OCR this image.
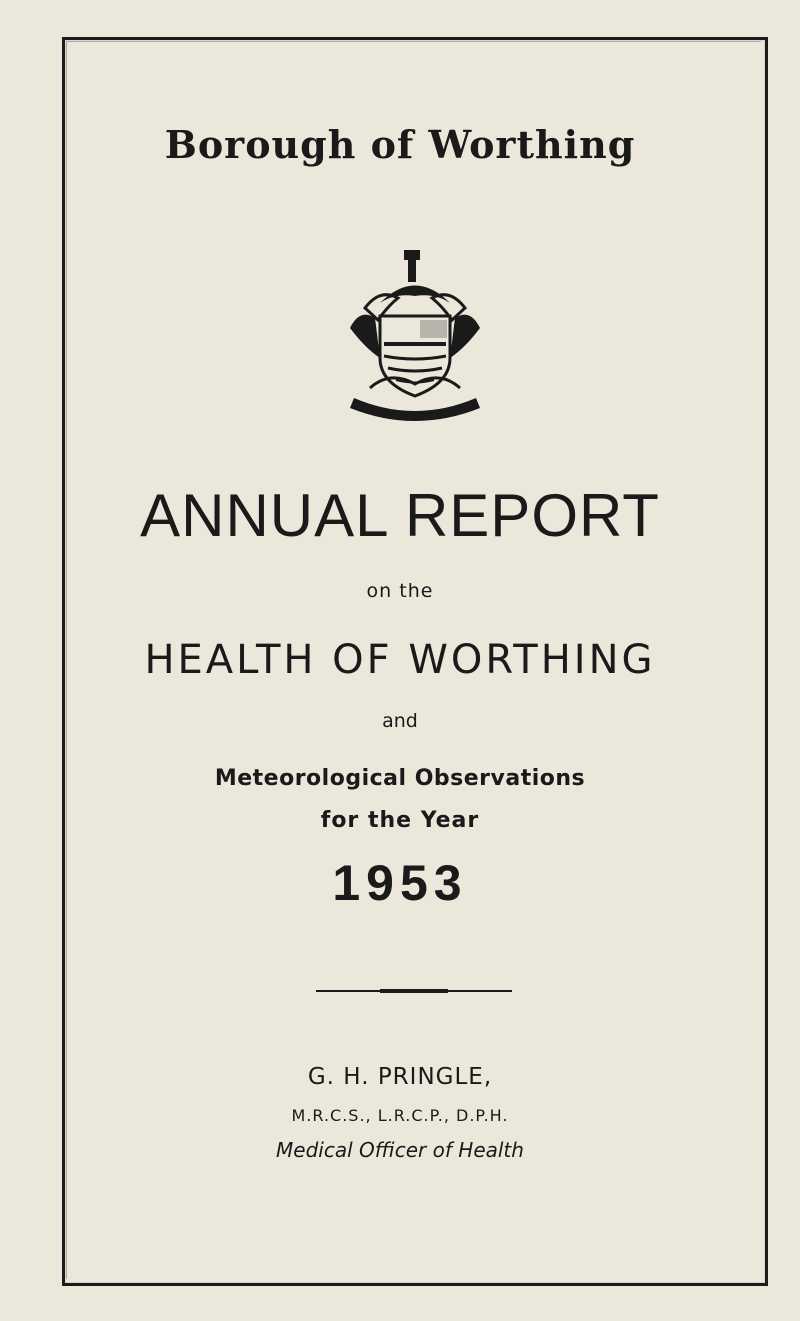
Borough of Worthing
ANNUAL REPORT
on the
HEALTH OF WORTHING
and
Meteorological Observations
for the Year
1953
G. H. PRINGLE,
M.R.C.S., L.R.C.P., D.P.H.
Medical Officer of Health
